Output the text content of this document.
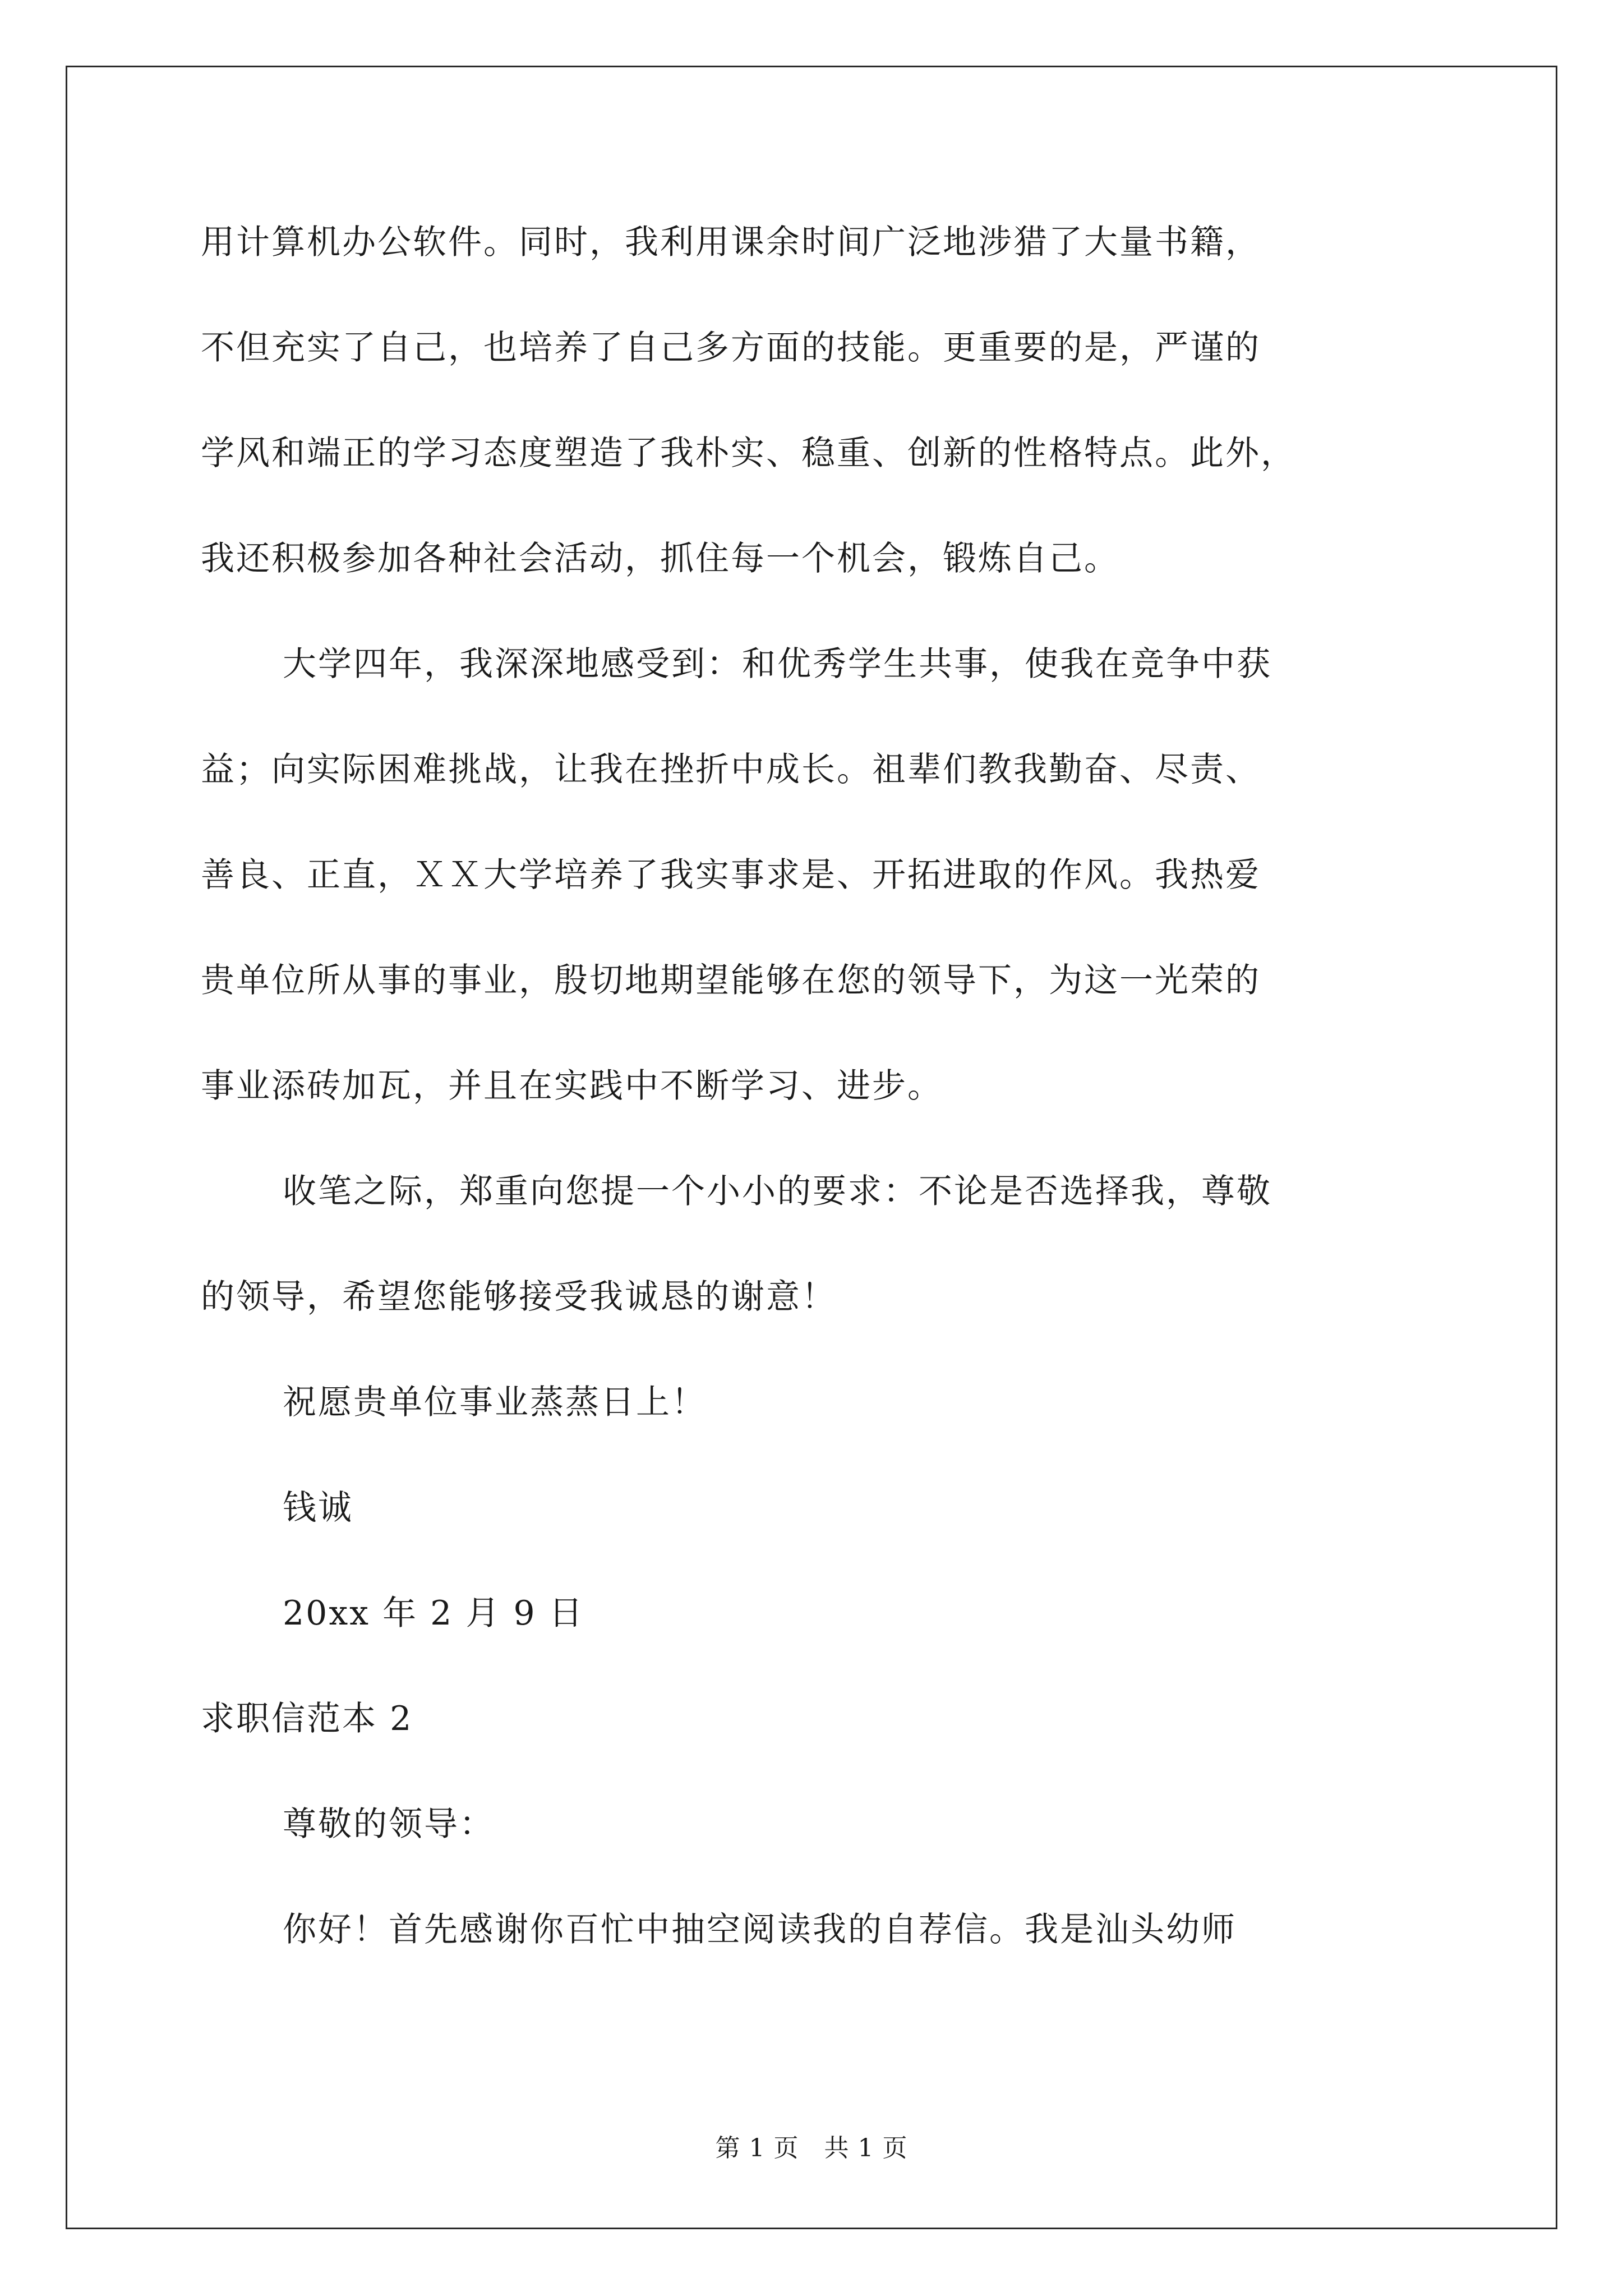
用计算机办公软件。同时，我利用课余时间广泛地涉猎了大量书籍，
不但充实了自己，也培养了自己多方面的技能。更重要的是，严谨的
学风和端正的学习态度塑造了我朴实、稳重、创新的性格特点。此外，
我还积极参加各种社会活动，抓住每一个机会，锻炼自己。
大学四年，我深深地感受到：和优秀学生共事，使我在竞争中获
益；向实际困难挑战，让我在挫折中成长。祖辈们教我勤奋、尽责、
善良、正直，ＸＸ大学培养了我实事求是、开拓进取的作风。我热爱
贵单位所从事的事业，殷切地期望能够在您的领导下，为这一光荣的
事业添砖加瓦，并且在实践中不断学习、进步。
收笔之际，郑重向您提一个小小的要求：不论是否选择我，尊敬
的领导，希望您能够接受我诚恳的谢意！
祝愿贵单位事业蒸蒸日上！
钱诚
20xx 年 2 月 9 日
求职信范本 2
尊敬的领导：
你好！首先感谢你百忙中抽空阅读我的自荐信。我是汕头幼师
第 1 页　共 1 页
